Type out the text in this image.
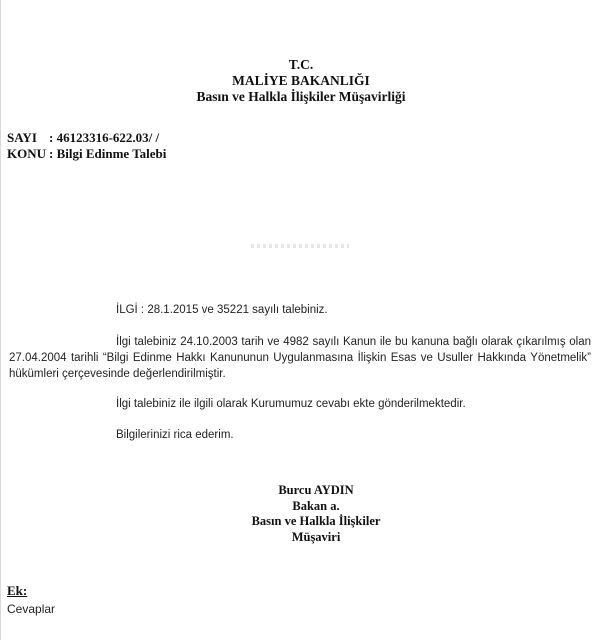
T.C.
MALİYE BAKANLIĞI
Basın ve Halkla İlişkiler Müşavirliği
SAYI : 46123316-622.03/ /
KONU : Bilgi Edinme Talebi
İLGİ : 28.1.2015 ve 35221 sayılı talebiniz.
İlgi talebiniz 24.10.2003 tarih ve 4982 sayılı Kanun ile bu kanuna bağlı olarak çıkarılmış olan 27.04.2004 tarihli “Bilgi Edinme Hakkı Kanununun Uygulanmasına İlişkin Esas ve Usuller Hakkında Yönetmelik” hükümleri çerçevesinde değerlendirilmiştir.
İlgi talebiniz ile ilgili olarak Kurumumuz cevabı ekte gönderilmektedir.
Bilgilerinizi rica ederim.
Burcu AYDIN
Bakan a.
Basın ve Halkla İlişkiler
Müşaviri
Ek:
Cevaplar
